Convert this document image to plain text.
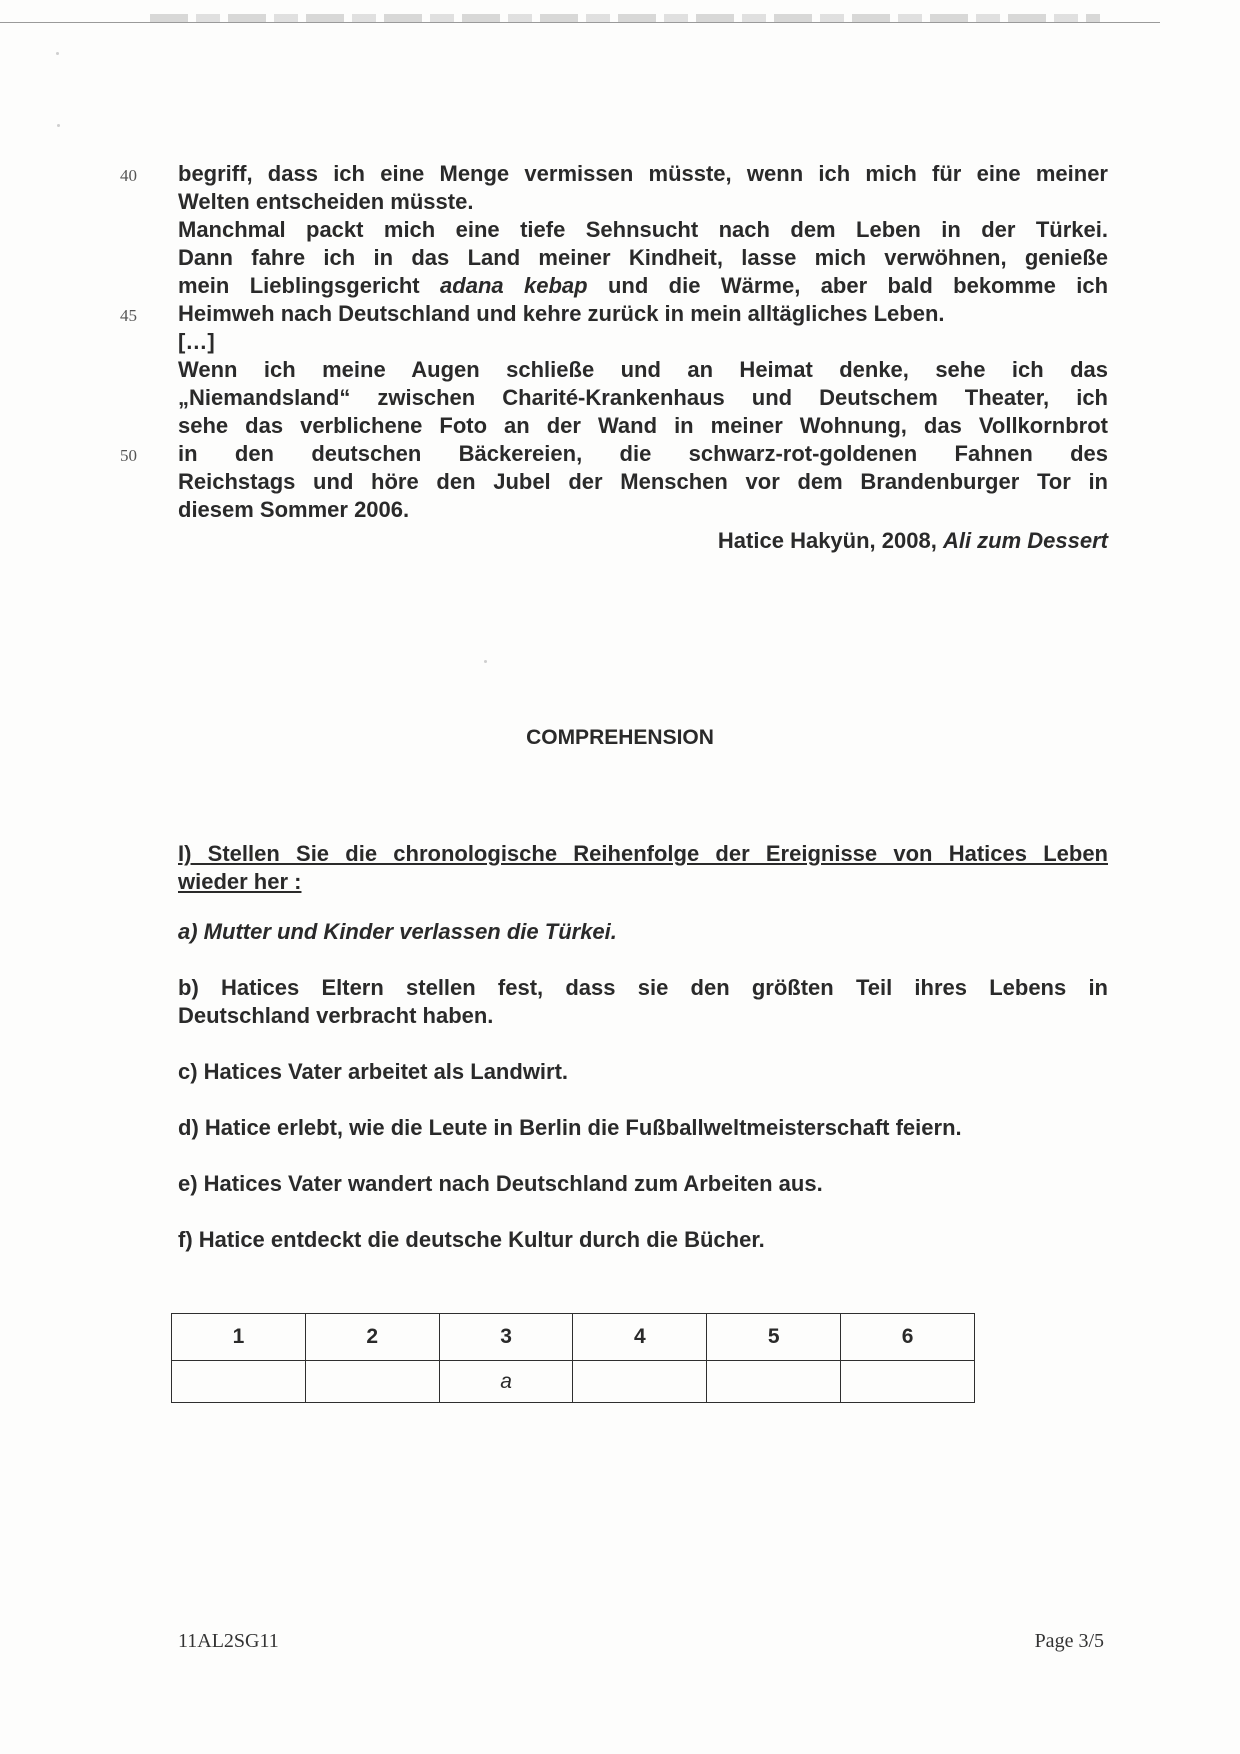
40
45
50
begriff, dass ich eine Menge vermissen müsste, wenn ich mich für eine meiner
Welten entscheiden müsste.
Manchmal packt mich eine tiefe Sehnsucht nach dem Leben in der Türkei.
Dann fahre ich in das Land meiner Kindheit, lasse mich verwöhnen, genieße
mein Lieblingsgericht adana kebap und die Wärme, aber bald bekomme ich
Heimweh nach Deutschland und kehre zurück in mein alltägliches Leben.
[…]
Wenn ich meine Augen schließe und an Heimat denke, sehe ich das
„Niemandsland“ zwischen Charité-Krankenhaus und Deutschem Theater, ich
sehe das verblichene Foto an der Wand in meiner Wohnung, das Vollkornbrot
in den deutschen Bäckereien, die schwarz-rot-goldenen Fahnen des
Reichstags und höre den Jubel der Menschen vor dem Brandenburger Tor in
diesem Sommer 2006.
Hatice Hakyün, 2008, Ali zum Dessert
COMPREHENSION
I) Stellen Sie die chronologische Reihenfolge der Ereignisse von Hatices Leben
wieder her :
a) Mutter und Kinder verlassen die Türkei.
b) Hatices Eltern stellen fest, dass sie den größten Teil ihres Lebens in
Deutschland verbracht haben.
c) Hatices Vater arbeitet als Landwirt.
d) Hatice erlebt, wie die Leute in Berlin die Fußballweltmeisterschaft feiern.
e) Hatices Vater wandert nach Deutschland zum Arbeiten aus.
f) Hatice entdeckt die deutsche Kultur durch die Bücher.
1	2	3	4	5	6
		a			
11AL2SG11	Page 3/5
